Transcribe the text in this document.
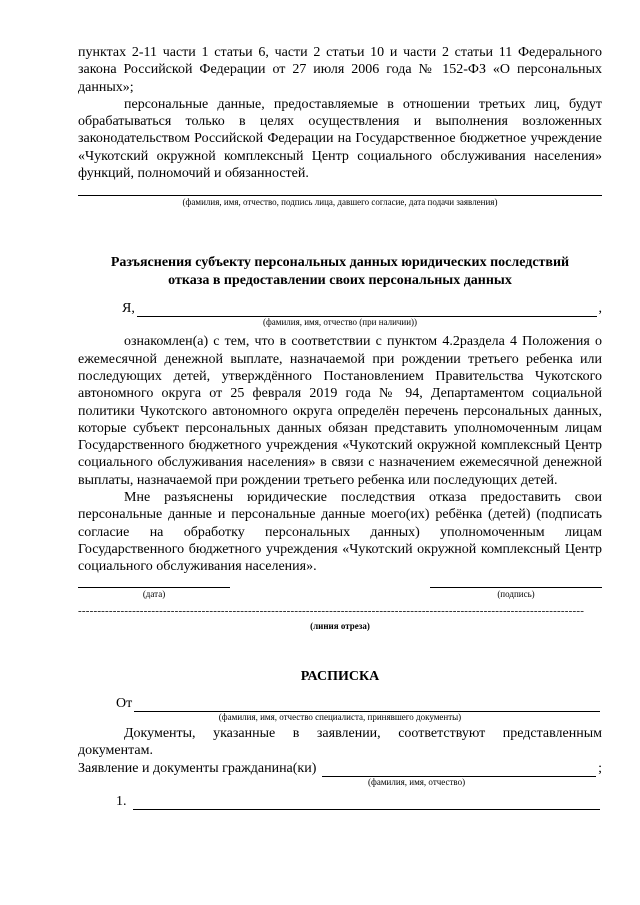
пунктах 2-11 части 1 статьи 6, части 2 статьи 10 и части 2 статьи 11 Федерального закона Российской Федерации от 27 июля 2006 года № 152-ФЗ «О персональных данных»;

персональные данные, предоставляемые в отношении третьих лиц, будут обрабатываться только в целях осуществления и выполнения возложенных законодательством Российской Федерации на Государственное бюджетное учреждение «Чукотский окружной комплексный Центр социального обслуживания населения» функций, полномочий и обязанностей.

(фамилия, имя, отчество, подпись лица, давшего согласие, дата подачи заявления)

Разъяснения субъекту персональных данных юридических последствий

отказа в предоставлении своих персональных данных

Я,	,
(фамилия, имя, отчество (при наличии))

ознакомлен(а) с тем, что в соответствии с пунктом 4.2раздела 4 Положения о ежемесячной денежной выплате, назначаемой при рождении третьего ребенка или последующих детей, утверждённого Постановлением Правительства Чукотского автономного округа от 25 февраля 2019 года № 94, Департаментом социальной политики Чукотского автономного округа определён перечень персональных данных, которые субъект персональных данных обязан представить уполномоченным лицам Государственного бюджетного учреждения «Чукотский окружной комплексный Центр социального обслуживания населения» в связи с назначением ежемесячной денежной выплаты, назначаемой при рождении третьего ребенка или последующих детей.

Мне разъяснены юридические последствия отказа предоставить свои персональные данные и персональные данные моего(их) ребёнка (детей) (подписать согласие на обработку персональных данных) уполномоченным лицам Государственного бюджетного учреждения «Чукотский окружной комплексный Центр социального обслуживания населения».

(дата)	(подпись)
-----------------------------------------------------------------------------------------------------------------------------------
(линия отреза)

РАСПИСКА

От
(фамилия, имя, отчество специалиста, принявшего документы)

Документы, указанные в заявлении, соответствуют представленным документам.

Заявление и документы гражданина(ки)	;
(фамилия, имя, отчество)
1.
